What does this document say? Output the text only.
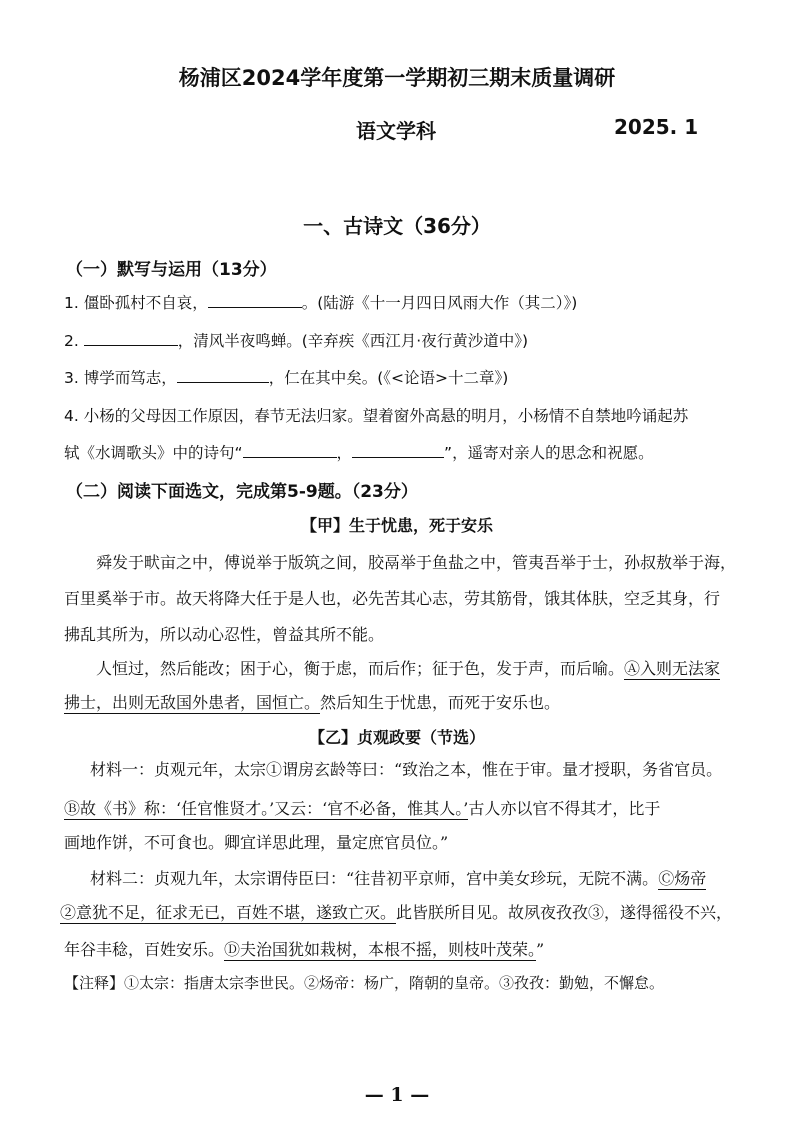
杨浦区2024学年度第一学期初三期末质量调研
语文学科	2025. 1
一、古诗文（36分）
（一）默写与运用（13分）
1. 僵卧孤村不自哀，	。(陆游《十一月四日风雨大作（其二）》)
2.	，清风半夜鸣蝉。(辛弃疾《西江月·夜行黄沙道中》)
3. 博学而笃志，	，仁在其中矣。(《<论语>十二章》)
4. 小杨的父母因工作原因，春节无法归家。望着窗外高悬的明月，小杨情不自禁地吟诵起苏
轼《水调歌头》中的诗句“	，	”，遥寄对亲人的思念和祝愿。
（二）阅读下面选文，完成第5-9题。（23分）
【甲】生于忧患，死于安乐
舜发于畎亩之中，傅说举于版筑之间，胶鬲举于鱼盐之中，管夷吾举于士，孙叔敖举于海，
百里奚举于市。故天将降大任于是人也，必先苦其心志，劳其筋骨，饿其体肤，空乏其身，行
拂乱其所为，所以动心忍性，曾益其所不能。
人恒过，然后能改；困于心，衡于虑，而后作；征于色，发于声，而后喻。Ⓐ入则无法家
拂士，出则无敌国外患者，国恒亡。然后知生于忧患，而死于安乐也。
【乙】贞观政要（节选）
材料一：贞观元年，太宗①谓房玄龄等曰：“致治之本，惟在于审。量才授职，务省官员。
Ⓑ故《书》称：‘任官惟贤才。’又云：‘官不必备，惟其人。’古人亦以官不得其才，比于
画地作饼，不可食也。卿宜详思此理，量定庶官员位。”
材料二：贞观九年，太宗谓侍臣曰：“往昔初平京师，宫中美女珍玩，无院不满。Ⓒ炀帝
②意犹不足，征求无已，百姓不堪，遂致亡灭。此皆朕所目见。故夙夜孜孜③，遂得徭役不兴，
年谷丰稔，百姓安乐。Ⓓ夫治国犹如栽树，本根不摇，则枝叶茂荣。”
【注释】①太宗：指唐太宗李世民。②炀帝：杨广，隋朝的皇帝。③孜孜：勤勉，不懈怠。
— 1 —
